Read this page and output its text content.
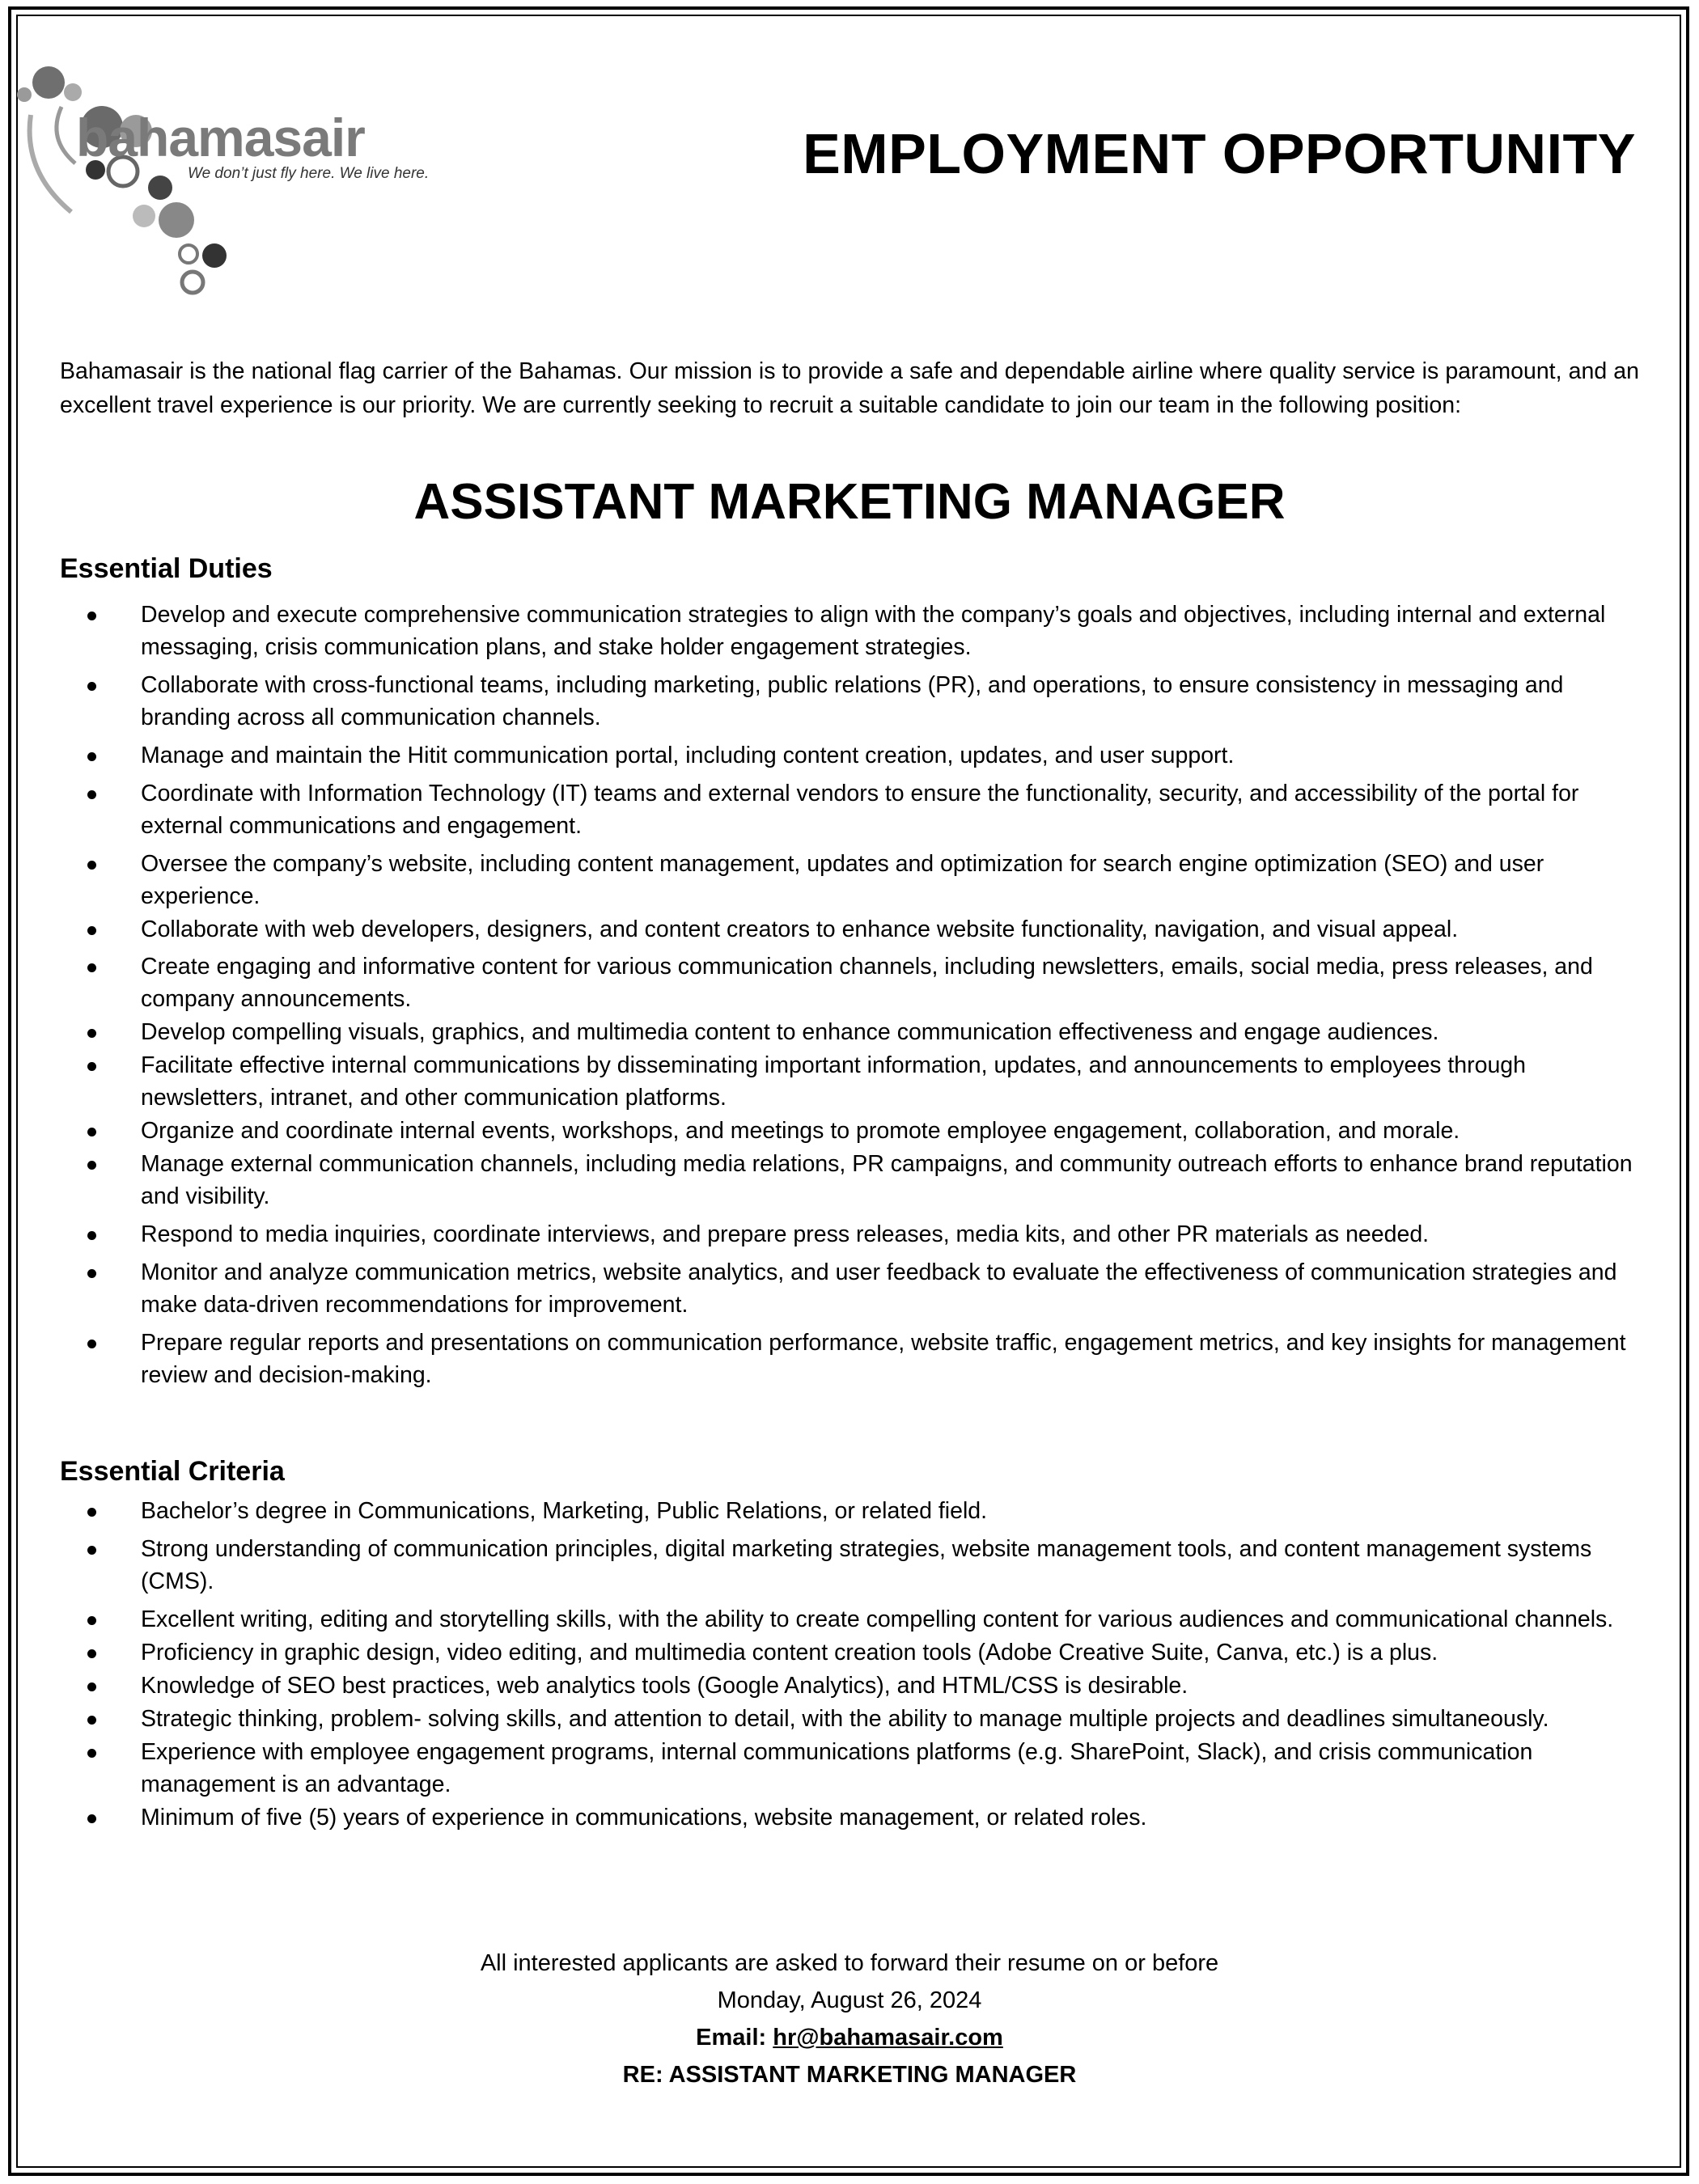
bahamasair
We don’t just fly here. We live here.	EMPLOYMENT OPPORTUNITY
Bahamasair is the national flag carrier of the Bahamas. Our mission is to provide a safe and dependable airline where quality service is paramount, and an excellent travel experience is our priority. We are currently seeking to recruit a suitable candidate to join our team in the following position:
ASSISTANT MARKETING MANAGER
Essential Duties
Develop and execute comprehensive communication strategies to align with the company’s goals and objectives, including internal and external messaging, crisis communication plans, and stake holder engagement strategies.
Collaborate with cross-functional teams, including marketing, public relations (PR), and operations, to ensure consistency in messaging and branding across all communication channels.
Manage and maintain the Hitit communication portal, including content creation, updates, and user support.
Coordinate with Information Technology (IT) teams and external vendors to ensure the functionality, security, and accessibility of the portal for external communications and engagement.
Oversee the company’s website, including content management, updates and optimization for search engine optimization (SEO) and user experience.
Collaborate with web developers, designers, and content creators to enhance website functionality, navigation, and visual appeal.
Create engaging and informative content for various communication channels, including newsletters, emails, social media, press releases, and company announcements.
Develop compelling visuals, graphics, and multimedia content to enhance communication effectiveness and engage audiences.
Facilitate effective internal communications by disseminating important information, updates, and announcements to employees through newsletters, intranet, and other communication platforms.
Organize and coordinate internal events, workshops, and meetings to promote employee engagement, collaboration, and morale.
Manage external communication channels, including media relations, PR campaigns, and community outreach efforts to enhance brand reputation and visibility.
Respond to media inquiries, coordinate interviews, and prepare press releases, media kits, and other PR materials as needed.
Monitor and analyze communication metrics, website analytics, and user feedback to evaluate the effectiveness of communication strategies and make data-driven recommendations for improvement.
Prepare regular reports and presentations on communication performance, website traffic, engagement metrics, and key insights for management review and decision-making.
Essential Criteria
Bachelor’s degree in Communications, Marketing, Public Relations, or related field.
Strong understanding of communication principles, digital marketing strategies, website management tools, and content management systems (CMS).
Excellent writing, editing and storytelling skills, with the ability to create compelling content for various audiences and communicational channels.
Proficiency in graphic design, video editing, and multimedia content creation tools (Adobe Creative Suite, Canva, etc.) is a plus.
Knowledge of SEO best practices, web analytics tools (Google Analytics), and HTML/CSS is desirable.
Strategic thinking, problem- solving skills, and attention to detail, with the ability to manage multiple projects and deadlines simultaneously.
Experience with employee engagement programs, internal communications platforms (e.g. SharePoint, Slack), and crisis communication management is an advantage.
Minimum of five (5) years of experience in communications, website management, or related roles.
All interested applicants are asked to forward their resume on or before
Monday, August 26, 2024
Email: hr@bahamasair.com
RE: ASSISTANT MARKETING MANAGER
